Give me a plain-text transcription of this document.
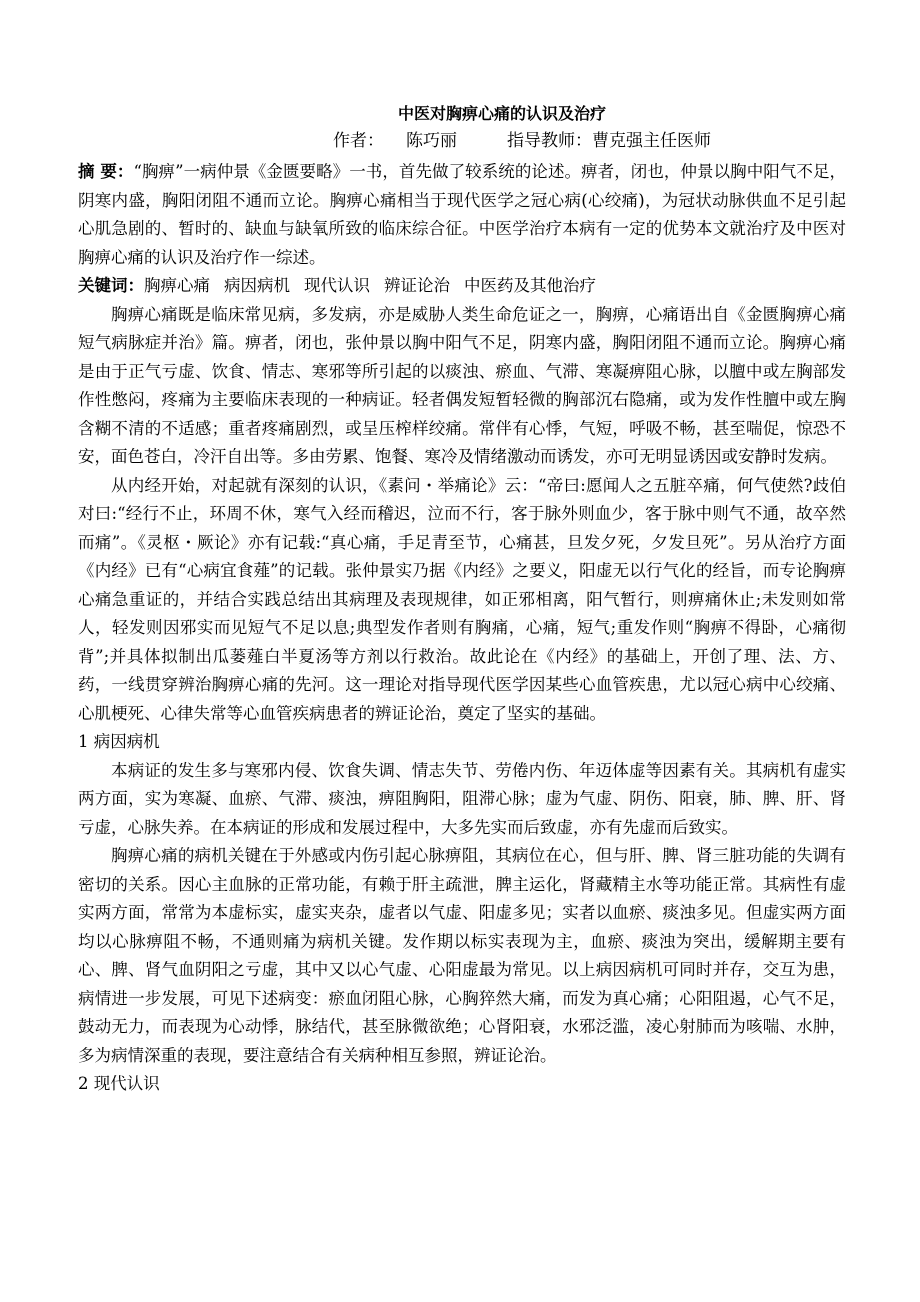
中医对胸痹心痛的认识及治疗
作者： 陈巧丽	指导教师：曹克强主任医师

摘 要：“胸痹”一病仲景《金匮要略》一书，首先做了较系统的论述。痹者，闭也，仲景以胸中阳气不足，阴寒内盛，胸阳闭阻不通而立论。胸痹心痛相当于现代医学之冠心病(心绞痛)，为冠状动脉供血不足引起心肌急剧的、暂时的、缺血与缺氧所致的临床综合征。中医学治疗本病有一定的优势本文就治疗及中医对胸痹心痛的认识及治疗作一综述。

关键词：胸痹心痛 病因病机 现代认识 辨证论治 中医药及其他治疗

胸痹心痛既是临床常见病，多发病，亦是威胁人类生命危证之一，胸痹，心痛语出自《金匮胸痹心痛短气病脉症并治》篇。痹者，闭也，张仲景以胸中阳气不足，阴寒内盛，胸阳闭阻不通而立论。胸痹心痛是由于正气亏虚、饮食、情志、寒邪等所引起的以痰浊、瘀血、气滞、寒凝痹阻心脉，以膻中或左胸部发作性憋闷，疼痛为主要临床表现的一种病证。轻者偶发短暂轻微的胸部沉右隐痛，或为发作性膻中或左胸含糊不清的不适感；重者疼痛剧烈，或呈压榨样绞痛。常伴有心悸，气短，呼吸不畅，甚至喘促，惊恐不安，面色苍白，冷汗自出等。多由劳累、饱餐、寒冷及情绪激动而诱发，亦可无明显诱因或安静时发病。

从内经开始，对起就有深刻的认识，《素问・举痛论》云：“帝曰:愿闻人之五脏卒痛，何气使然?歧伯对曰:“经行不止，环周不休，寒气入经而稽迟，泣而不行，客于脉外则血少，客于脉中则气不通，故卒然而痛”。《灵枢・厥论》亦有记载:“真心痛，手足青至节，心痛甚，旦发夕死，夕发旦死”。另从治疗方面《内经》已有“心病宜食薤”的记载。张仲景实乃据《内经》之要义，阳虚无以行气化的经旨，而专论胸痹心痛急重证的，并结合实践总结出其病理及表现规律，如正邪相离，阳气暂行，则痹痛休止;未发则如常人，轻发则因邪实而见短气不足以息;典型发作者则有胸痛，心痛，短气;重发作则“胸痹不得卧，心痛彻背”;并具体拟制出瓜蒌薤白半夏汤等方剂以行救治。故此论在《内经》的基础上，开创了理、法、方、药，一线贯穿辨治胸痹心痛的先河。这一理论对指导现代医学因某些心血管疾患，尤以冠心病中心绞痛、心肌梗死、心律失常等心血管疾病患者的辨证论治，奠定了坚实的基础。

1 病因病机

本病证的发生多与寒邪内侵、饮食失调、情志失节、劳倦内伤、年迈体虚等因素有关。其病机有虚实两方面，实为寒凝、血瘀、气滞、痰浊，痹阻胸阳，阻滞心脉；虚为气虚、阴伤、阳衰，肺、脾、肝、肾亏虚，心脉失养。在本病证的形成和发展过程中，大多先实而后致虚，亦有先虚而后致实。

胸痹心痛的病机关键在于外感或内伤引起心脉痹阻，其病位在心，但与肝、脾、肾三脏功能的失调有密切的关系。因心主血脉的正常功能，有赖于肝主疏泄，脾主运化，肾藏精主水等功能正常。其病性有虚实两方面，常常为本虚标实，虚实夹杂，虚者以气虚、阳虚多见；实者以血瘀、痰浊多见。但虚实两方面均以心脉痹阻不畅，不通则痛为病机关键。发作期以标实表现为主，血瘀、痰浊为突出，缓解期主要有心、脾、肾气血阴阳之亏虚，其中又以心气虚、心阳虚最为常见。以上病因病机可同时并存，交互为患，病情进一步发展，可见下述病变：瘀血闭阻心脉，心胸猝然大痛，而发为真心痛；心阳阻遏，心气不足，鼓动无力，而表现为心动悸，脉结代，甚至脉微欲绝；心肾阳衰，水邪泛滥，凌心射肺而为咳喘、水肿，多为病情深重的表现，要注意结合有关病种相互参照，辨证论治。

2 现代认识
